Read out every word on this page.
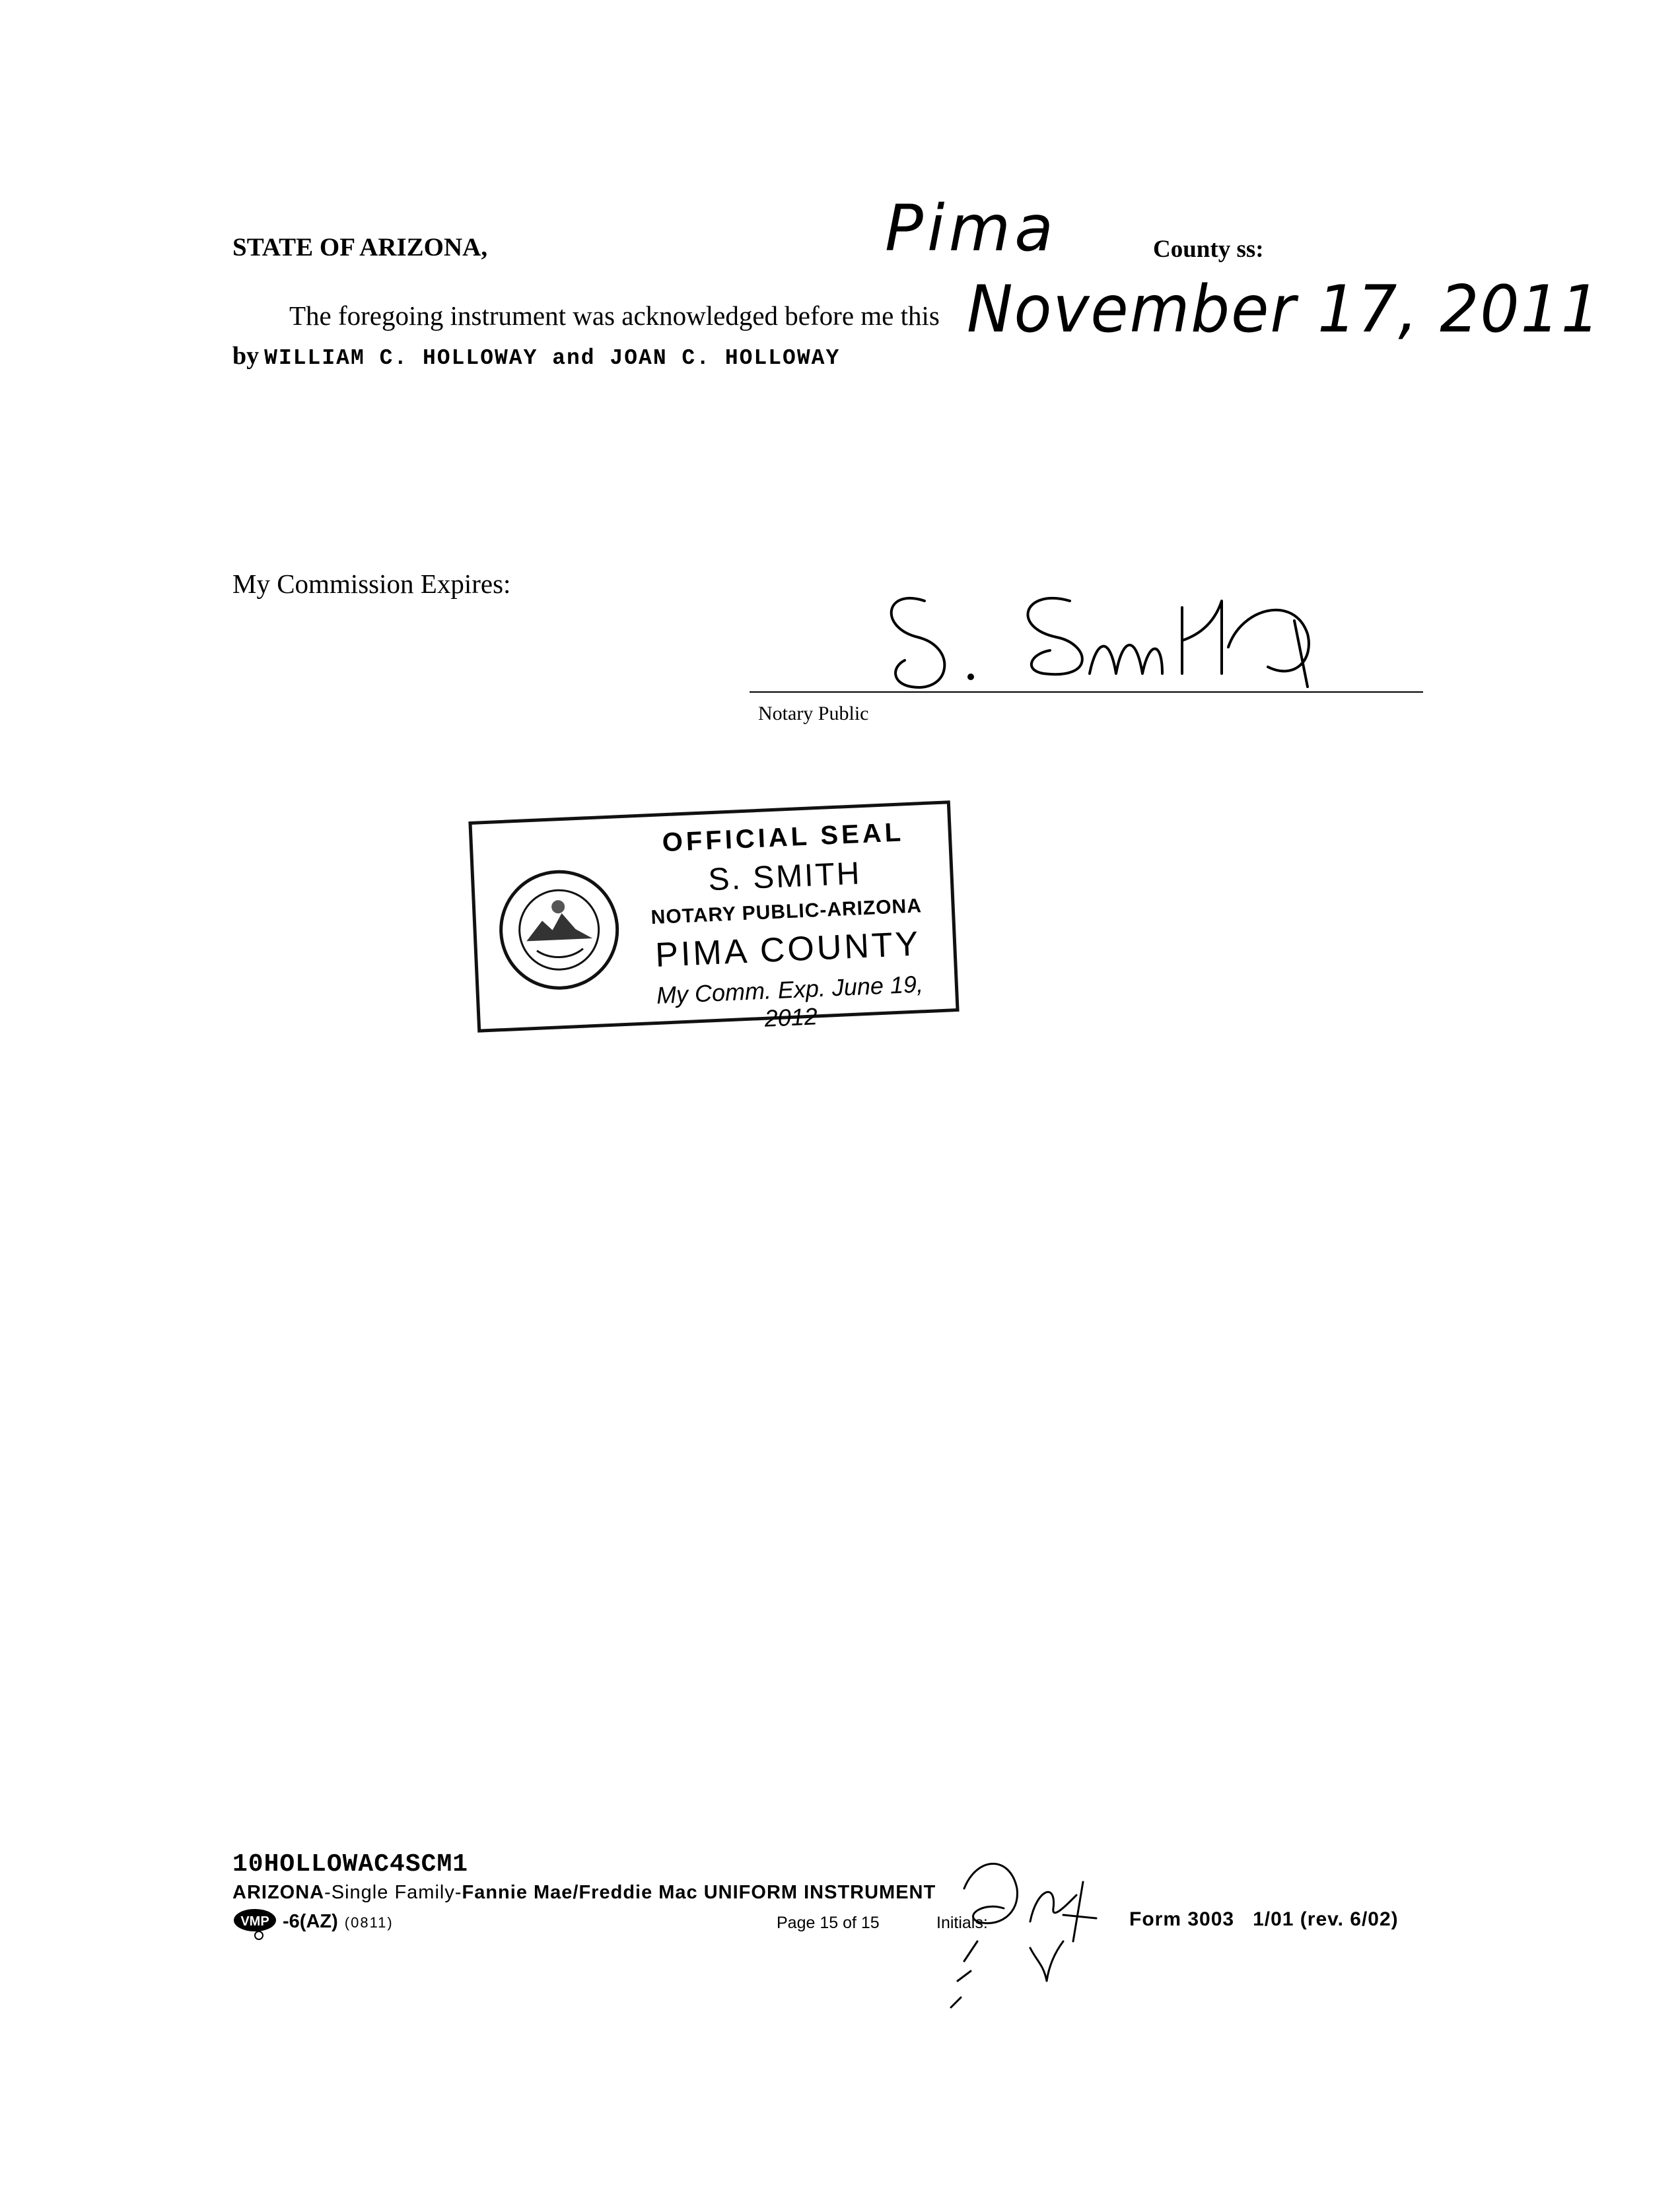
STATE OF ARIZONA,	Pima	County ss:
The foregoing instrument was acknowledged before me this November 17, 2011
by WILLIAM C. HOLLOWAY and JOAN C. HOLLOWAY
My Commission Expires:
Notary Public
OFFICIAL SEAL
S. SMITH
NOTARY PUBLIC-ARIZONA
PIMA COUNTY
My Comm. Exp. June 19, 2012
10HOLLOWAC4SCM1
ARIZONA-Single Family-Fannie Mae/Freddie Mac UNIFORM INSTRUMENT
VMP -6(AZ) (0811)	Page 15 of 15	Initials:	Form 3003   1/01 (rev. 6/02)
